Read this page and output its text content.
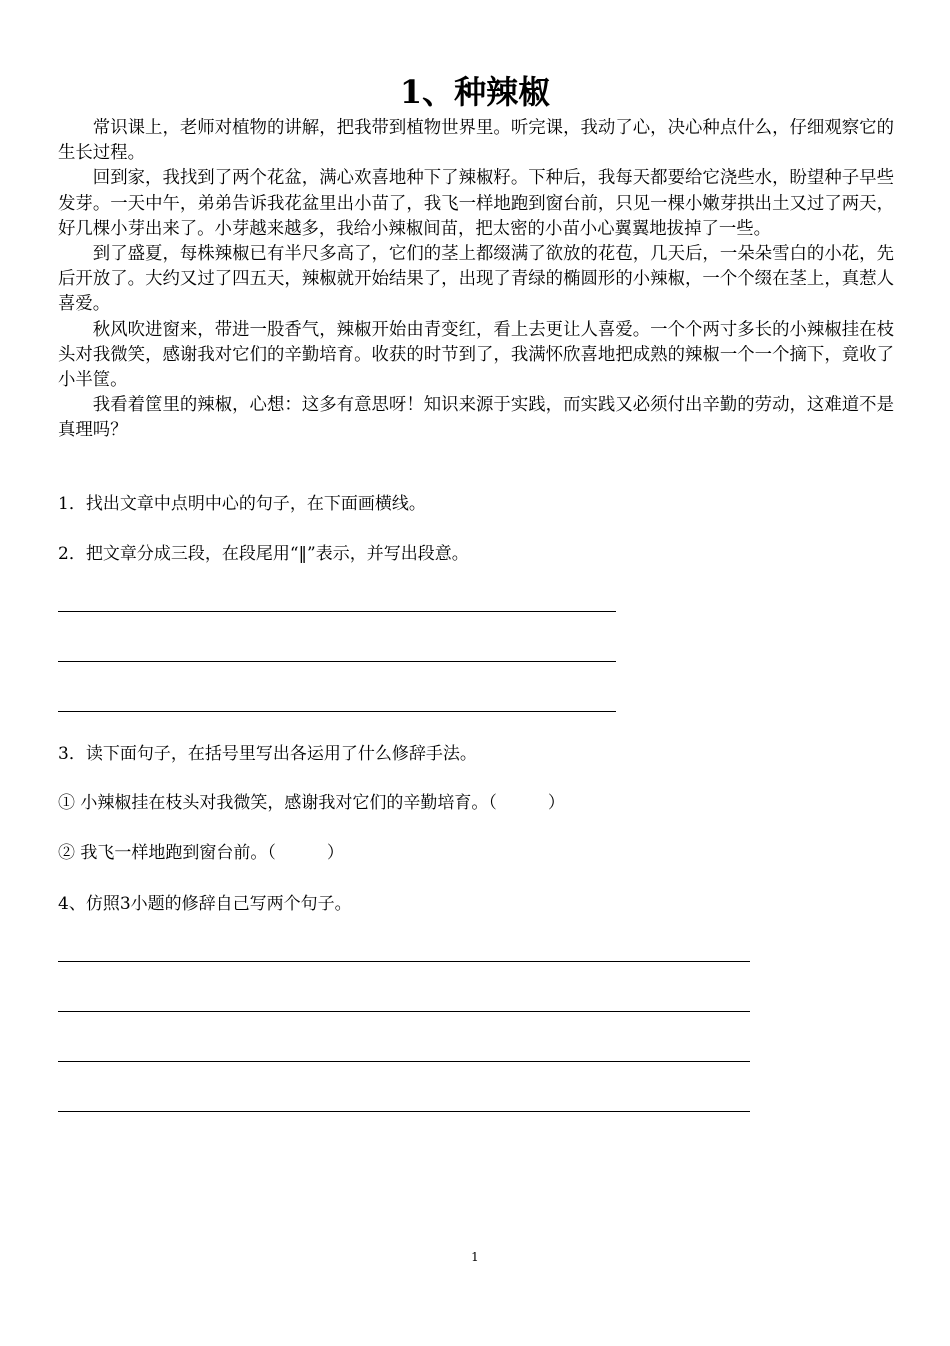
1、种辣椒

常识课上，老师对植物的讲解，把我带到植物世界里。听完课，我动了心，决心种点什么，仔细观察它的生长过程。

回到家，我找到了两个花盆，满心欢喜地种下了辣椒籽。下种后，我每天都要给它浇些水，盼望种子早些发芽。一天中午，弟弟告诉我花盆里出小苗了，我飞一样地跑到窗台前，只见一棵小嫩芽拱出土又过了两天，好几棵小芽出来了。小芽越来越多，我给小辣椒间苗，把太密的小苗小心翼翼地拔掉了一些。

到了盛夏，每株辣椒已有半尺多高了，它们的茎上都缀满了欲放的花苞，几天后，一朵朵雪白的小花，先后开放了。大约又过了四五天，辣椒就开始结果了，出现了青绿的椭圆形的小辣椒，一个个缀在茎上，真惹人喜爱。

秋风吹进窗来，带进一股香气，辣椒开始由青变红，看上去更让人喜爱。一个个两寸多长的小辣椒挂在枝头对我微笑，感谢我对它们的辛勤培育。收获的时节到了，我满怀欣喜地把成熟的辣椒一个一个摘下，竟收了小半筐。

我看着筐里的辣椒，心想：这多有意思呀！知识来源于实践，而实践又必须付出辛勤的劳动，这难道不是真理吗？

1．找出文章中点明中心的句子，在下面画横线。
2．把文章分成三段，在段尾用“‖”表示，并写出段意。
3．读下面句子，在括号里写出各运用了什么修辞手法。
① 小辣椒挂在枝头对我微笑，感谢我对它们的辛勤培育。（　　　）
② 我飞一样地跑到窗台前。（　　　）
4、仿照3小题的修辞自己写两个句子。
1
